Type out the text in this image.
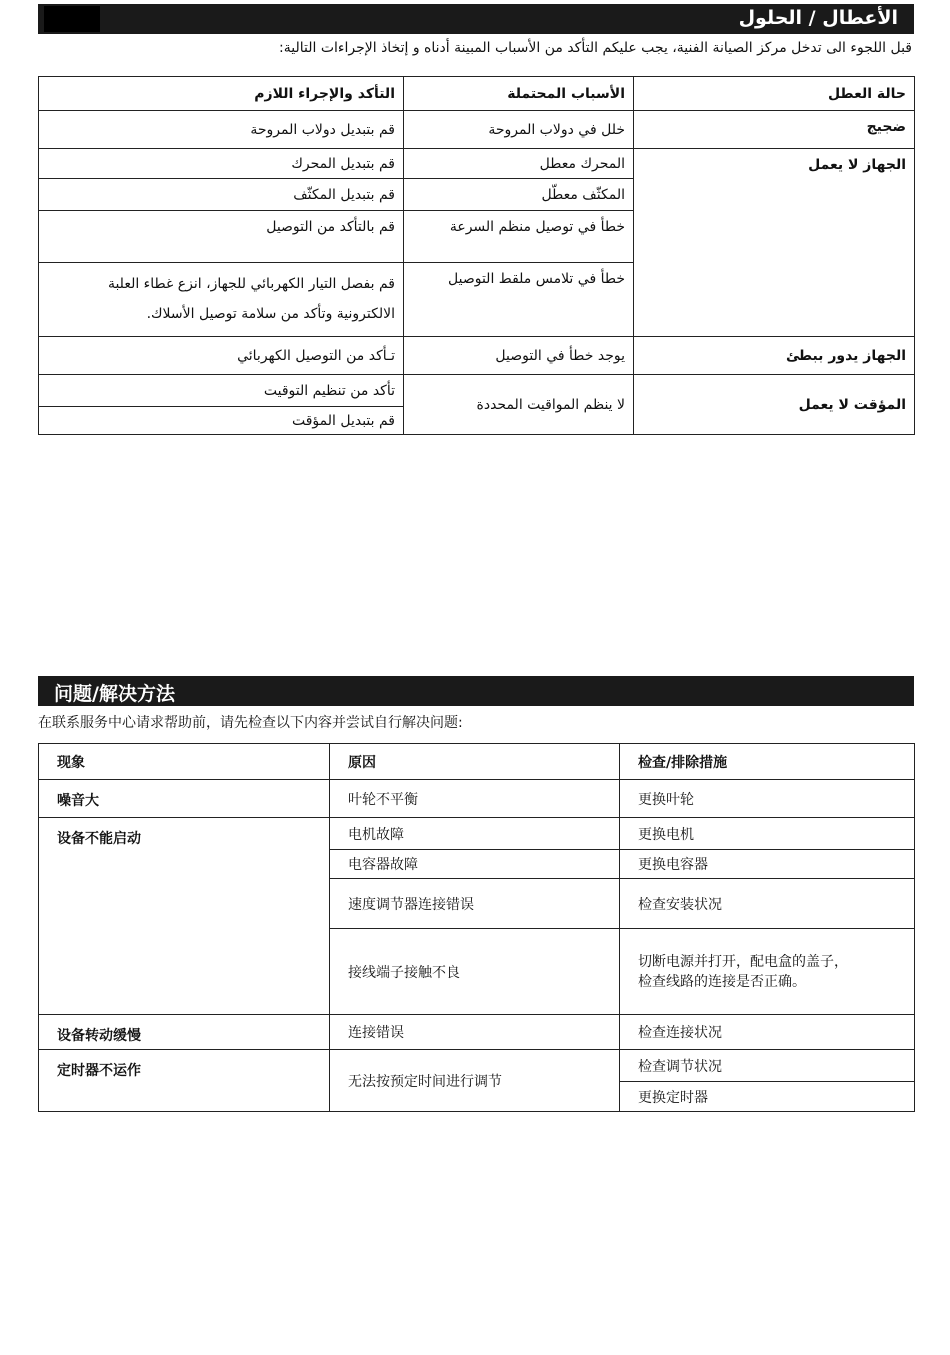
الأعطال / الحلول
قبل اللجوء الى تدخل مركز الصيانة الفنية، يجب عليكم التأكد من الأسباب المبينة أدناه و إتخاذ الإجراءات التالية:
حالة العطل	الأسباب المحتملة	التأكد والإجراء اللازم
ضجيج	خلل في دولاب المروحة	قم بتبديل دولاب المروحة
الجهاز لا يعمل	المحرك معطل	قم بتبديل المحرك
	المكثّف معطّل	قم بتبديل المكثّف
	خطأ في توصيل منظم السرعة	قم بالتأكد من التوصيل
	خطأ في تلامس ملقط التوصيل	قم بفصل التيار الكهربائي للجهاز، انزع غطاء العلبة الالكترونية وتأكد من سلامة توصيل الأسلاك.
الجهاز يدور ببطئ	يوجد خطأ في التوصيل	تـأكد من التوصيل الكهربائي
المؤقت لا يعمل	لا ينظم المواقيت المحددة	تأكد من تنظيم التوقيت
		قم بتبديل المؤقت
问题/解决方法
在联系服务中心请求帮助前，请先检查以下内容并尝试自行解决问题:
现象	原因	检查/排除措施
噪音大	叶轮不平衡	更换叶轮
设备不能启动	电机故障	更换电机
	电容器故障	更换电容器
	速度调节器连接错误	检查安装状况
	接线端子接触不良	切断电源并打开，配电盒的盖子，
检查线路的连接是否正确。

设备转动缓慢	连接错误	检查连接状况
定时器不运作	无法按预定时间进行调节	检查调节状况
		更换定时器
